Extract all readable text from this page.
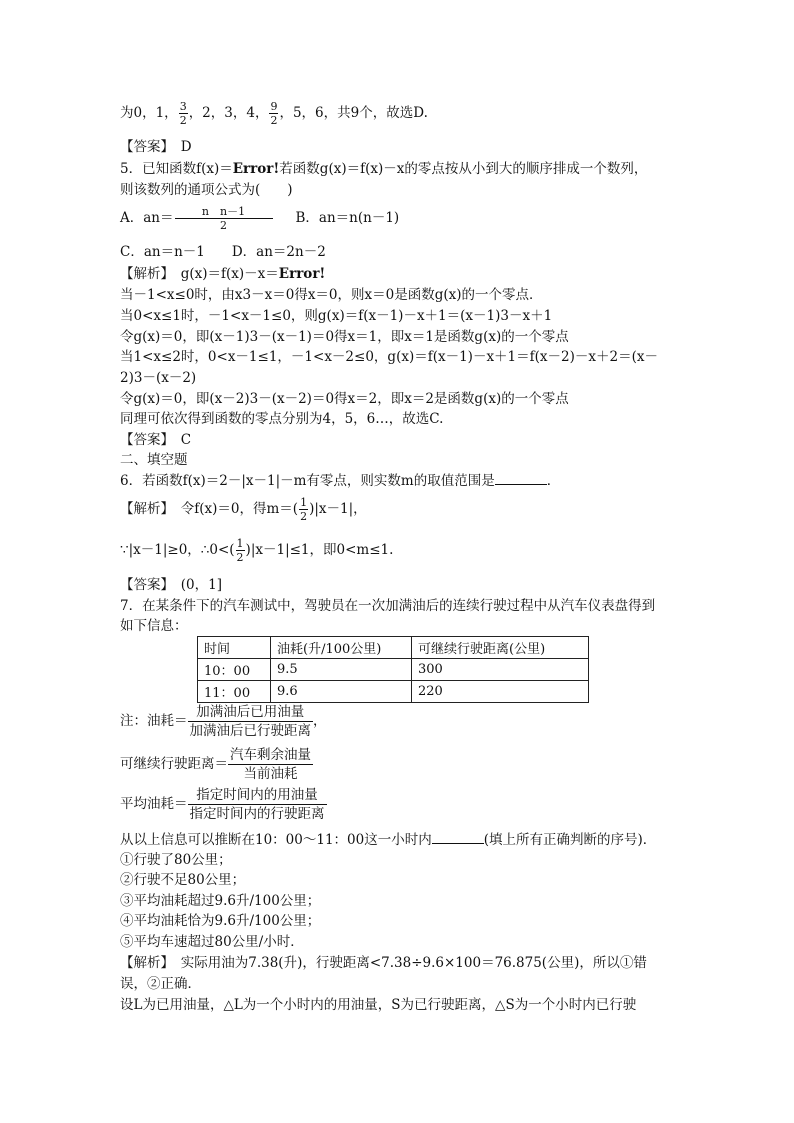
为0，1， $\frac{3}{2}$ ，2，3，4， $\frac{9}{2}$ ，5，6，共9个，故选D.
【答案】　D
5．已知函数f(x)＝Error!若函数g(x)＝f(x)－x的零点按从小到大的顺序排成一个数列，
则该数列的通项公式为(　　)
A．$an= \frac{\text{n　n－1}}{2}$ B．an＝n(n－1)
C．an＝n－1　　D．an＝2n－2
【解析】　g(x)＝f(x)－x＝Error!
当－1<x≤0时，由x3－x＝0得x＝0，则x＝0是函数g(x)的一个零点．
当0<x≤1时，－1<x－1≤0，则g(x)＝f(x－1)－x＋1＝(x－1)3－x＋1
令g(x)＝0，即(x－1)3－(x－1)＝0得x＝1，即x＝1是函数g(x)的一个零点
当1<x≤2时，0<x－1≤1，－1<x－2≤0，g(x)＝f(x－1)－x＋1＝f(x－2)－x＋2＝(x－
2)3－(x－2)
令g(x)＝0，即(x－2)3－(x－2)＝0得x＝2，即x＝2是函数g(x)的一个零点
同理可依次得到函数的零点分别为4，5，6…，故选C.
【答案】　C
二、填空题
6．若函数f(x)＝2－|x－1|－m有零点，则实数m的取值范围是	．
【解析】　令f(x)＝0，得$m=( \frac{1}{2} )|x-1|$，
∵|x－1|≥0，∴0<( $\frac{1}{2} )|x-1|\le 1$，即0<m≤1.
【答案】　(0，1]
7．在某条件下的汽车测试中，驾驶员在一次加满油后的连续行驶过程中从汽车仪表盘得到
如下信息：
时间	油耗(升/100公里)	可继续行驶距离(公里)
10：00	9.5	300
11：00	9.6	220
注：油耗＝
加满油后已用油量
加满油后已行驶距离
，
可继续行驶距离＝
汽车剩余油量
当前油耗
平均油耗＝
指定时间内的用油量
指定时间内的行驶距离
从以上信息可以推断在10：00～11：00这一小时内	(填上所有正确判断的序号)．
①行驶了80公里；
②行驶不足80公里；
③平均油耗超过9.6升/100公里；
④平均油耗恰为9.6升/100公里；
⑤平均车速超过80公里/小时．
【解析】　实际用油为7.38(升)，行驶距离<7.38÷9.6×100＝76.875(公里)，所以①错
误，②正确．
设L为已用油量，△L为一个小时内的用油量，S为已行驶距离，△S为一个小时内已行驶
